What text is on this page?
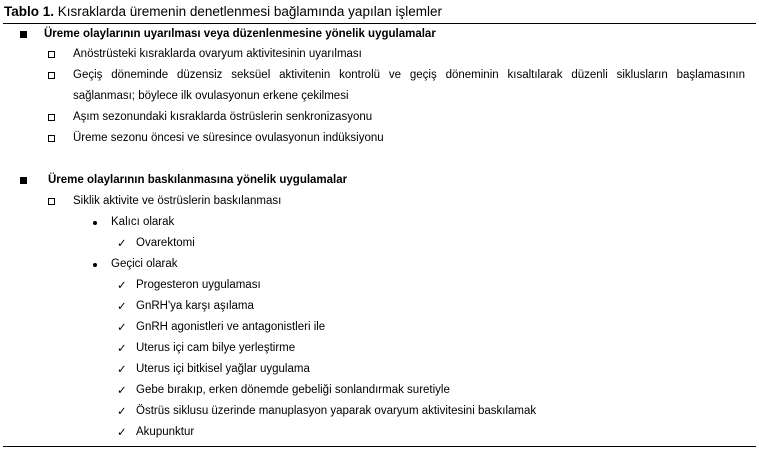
Tablo 1. Kısraklarda üremenin denetlenmesi bağlamında yapılan işlemler
Üreme olaylarının uyarılması veya düzenlenmesine yönelik uygulamalar
Anöstrüsteki kısraklarda ovaryum aktivitesinin uyarılması
Geçiş döneminde düzensiz seksüel aktivitenin kontrolü ve geçiş döneminin kısaltılarak düzenli siklusların başlamasının
sağlanması; böylece ilk ovulasyonun erkene çekilmesi
Aşım sezonundaki kısraklarda östrüslerin senkronizasyonu
Üreme sezonu öncesi ve süresince ovulasyonun indüksiyonu
Üreme olaylarının baskılanmasına yönelik uygulamalar
Siklik aktivite ve östrüslerin baskılanması
Kalıcı olarak
✓ Ovarektomi
Geçici olarak
✓ Progesteron uygulaması
✓ GnRH'ya karşı aşılama
✓ GnRH agonistleri ve antagonistleri ile
✓ Uterus içi cam bilye yerleştirme
✓ Uterus içi bitkisel yağlar uygulama
✓ Gebe bırakıp, erken dönemde gebeliği sonlandırmak suretiyle
✓ Östrüs siklusu üzerinde manuplasyon yaparak ovaryum aktivitesini baskılamak
✓ Akupunktur
